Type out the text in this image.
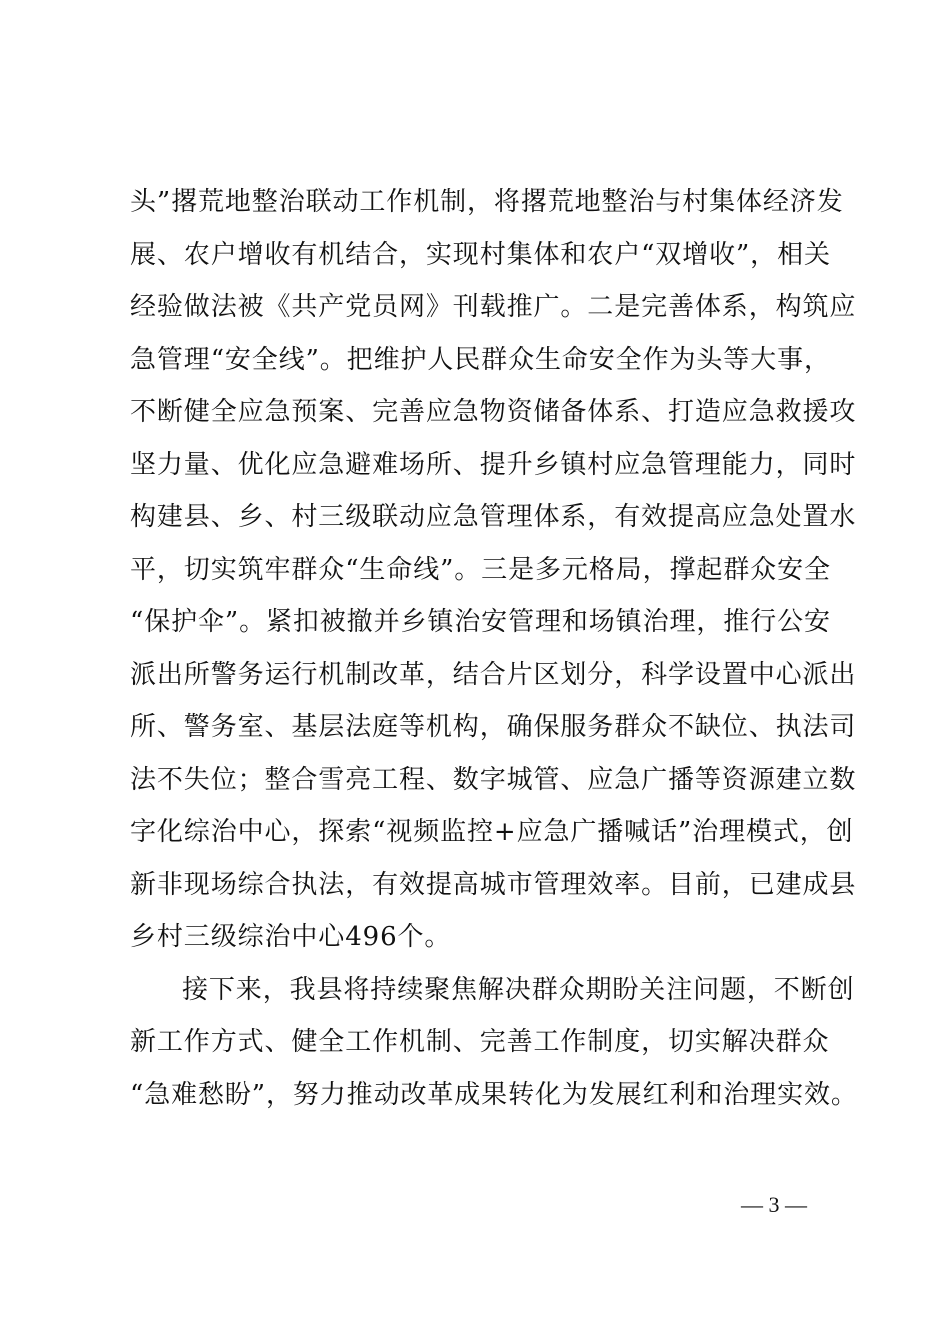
头”撂荒地整治联动工作机制，将撂荒地整治与村集体经济发
展、农户增收有机结合，实现村集体和农户“双增收”，相关
经验做法被《共产党员网》刊载推广。二是完善体系，构筑应
急管理“安全线”。把维护人民群众生命安全作为头等大事，
不断健全应急预案、完善应急物资储备体系、打造应急救援攻
坚力量、优化应急避难场所、提升乡镇村应急管理能力，同时
构建县、乡、村三级联动应急管理体系，有效提高应急处置水
平，切实筑牢群众“生命线”。三是多元格局，撑起群众安全
“保护伞”。紧扣被撤并乡镇治安管理和场镇治理，推行公安
派出所警务运行机制改革，结合片区划分，科学设置中心派出
所、警务室、基层法庭等机构，确保服务群众不缺位、执法司
法不失位；整合雪亮工程、数字城管、应急广播等资源建立数
字化综治中心，探索“视频监控+应急广播喊话”治理模式，创
新非现场综合执法，有效提高城市管理效率。目前，已建成县
乡村三级综治中心496个。
接下来，我县将持续聚焦解决群众期盼关注问题，不断创
新工作方式、健全工作机制、完善工作制度，切实解决群众
“急难愁盼”，努力推动改革成果转化为发展红利和治理实效。
— 3 —
